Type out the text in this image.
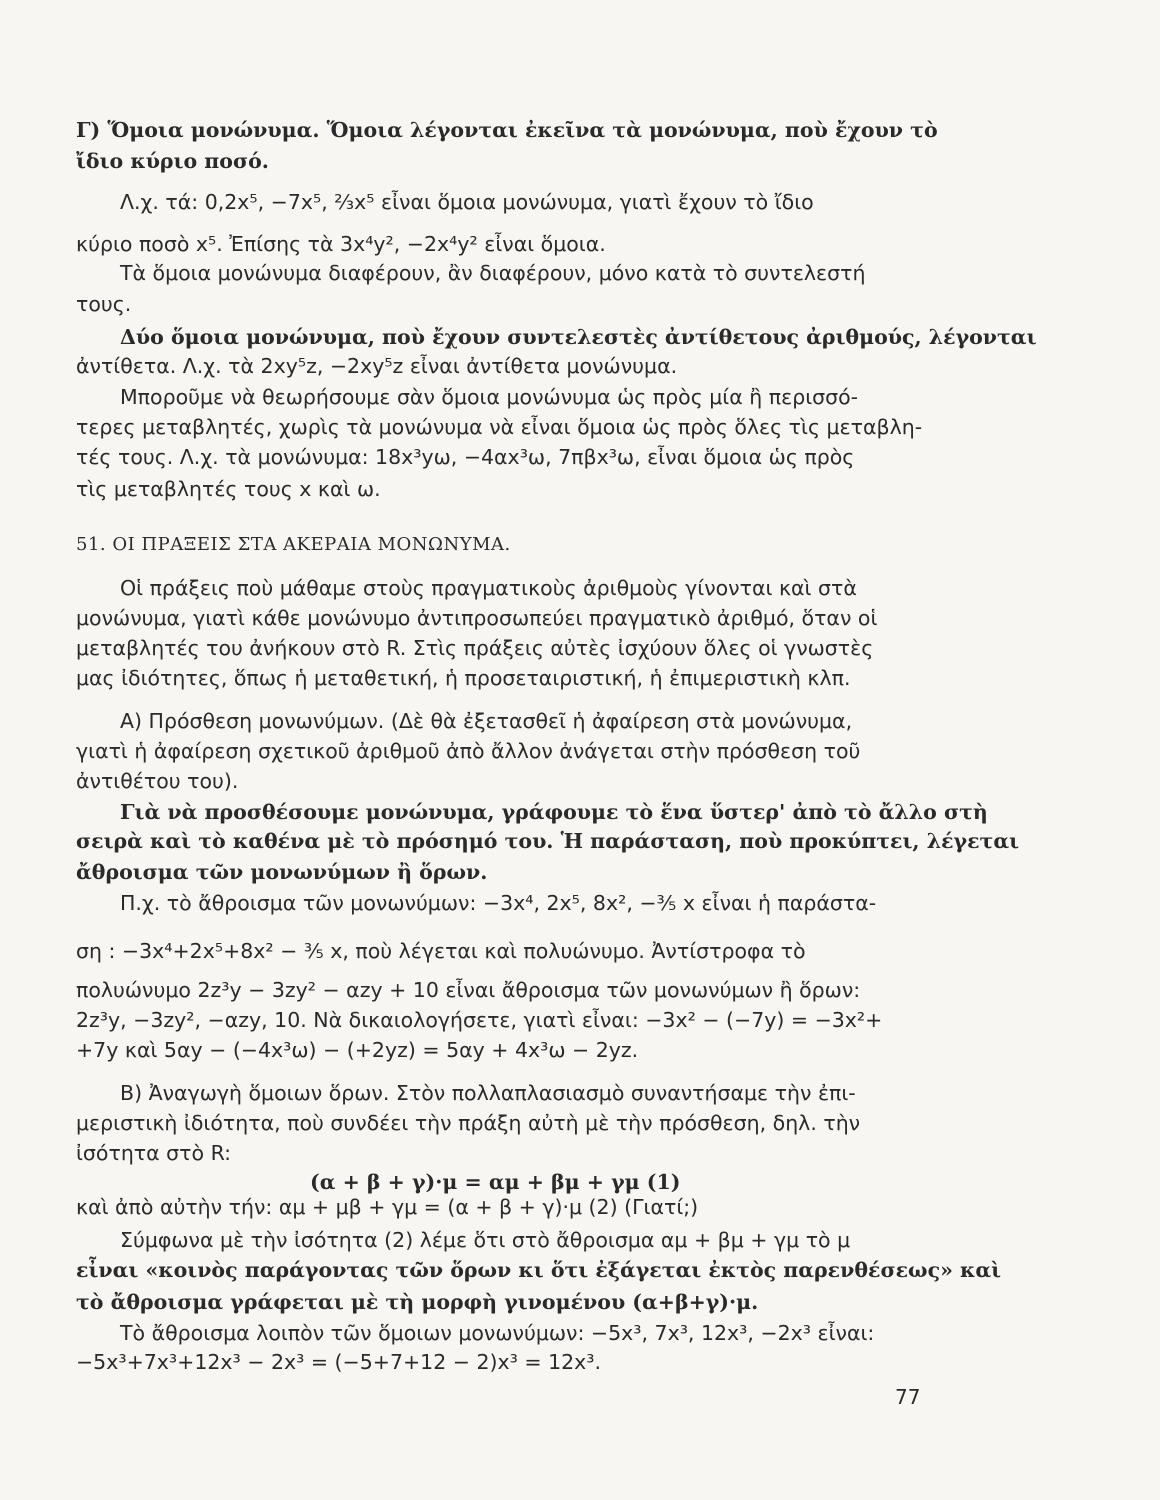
77
Γ) Ὅμοια μονώνυμα. Ὅμοια λέγονται ἐκεῖνα τὰ μονώνυμα, ποὺ ἔχουν τὸ
ἴδιο κύριο ποσό.
Λ.χ. τά: 0,2x⁵, −7x⁵, ²⁄₃x⁵ εἶναι ὅμοια μονώνυμα, γιατὶ ἔχουν τὸ ἴδιο
κύριο ποσὸ x⁵. Ἐπίσης τὰ 3x⁴y², −2x⁴y² εἶναι ὅμοια.
Τὰ ὅμοια μονώνυμα διαφέρουν, ἂν διαφέρουν, μόνο κατὰ τὸ συντελεστή
τους.
Δύο ὅμοια μονώνυμα, ποὺ ἔχουν συντελεστὲς ἀντίθετους ἀριθμούς, λέγονται
ἀντίθετα. Λ.χ. τὰ 2xy⁵z, −2xy⁵z εἶναι ἀντίθετα μονώνυμα.
Μποροῦμε νὰ θεωρήσουμε σὰν ὅμοια μονώνυμα ὡς πρὸς μία ἢ περισσό-
τερες μεταβλητές, χωρὶς τὰ μονώνυμα νὰ εἶναι ὅμοια ὡς πρὸς ὅλες τὶς μεταβλη-
τές τους. Λ.χ. τὰ μονώνυμα: 18x³yω, −4αx³ω, 7πβx³ω, εἶναι ὅμοια ὡς πρὸς
τὶς μεταβλητές τους x καὶ ω.
51. ΟΙ ΠΡΑΞΕΙΣ ΣΤΑ ΑΚΕΡΑΙΑ ΜΟΝΩΝΥΜΑ.
Οἱ πράξεις ποὺ μάθαμε στοὺς πραγματικοὺς ἀριθμοὺς γίνονται καὶ στὰ
μονώνυμα, γιατὶ κάθε μονώνυμο ἀντιπροσωπεύει πραγματικὸ ἀριθμό, ὅταν οἱ
μεταβλητές του ἀνήκουν στὸ R. Στὶς πράξεις αὐτὲς ἰσχύουν ὅλες οἱ γνωστὲς
μας ἰδιότητες, ὅπως ἡ μεταθετική, ἡ προσεταιριστική, ἡ ἐπιμεριστικὴ κλπ.
Α) Πρόσθεση μονωνύμων. (Δὲ θὰ ἐξετασθεῖ ἡ ἀφαίρεση στὰ μονώνυμα,
γιατὶ ἡ ἀφαίρεση σχετικοῦ ἀριθμοῦ ἀπὸ ἄλλον ἀνάγεται στὴν πρόσθεση τοῦ
ἀντιθέτου του).
Γιὰ νὰ προσθέσουμε μονώνυμα, γράφουμε τὸ ἕνα ὕστερ' ἀπὸ τὸ ἄλλο στὴ
σειρὰ καὶ τὸ καθένα μὲ τὸ πρόσημό του. Ἡ παράσταση, ποὺ προκύπτει, λέγεται
ἄθροισμα τῶν μονωνύμων ἢ ὅρων.
Π.χ. τὸ ἄθροισμα τῶν μονωνύμων: −3x⁴, 2x⁵, 8x², −³⁄₅ x εἶναι ἡ παράστα-
ση : −3x⁴+2x⁵+8x² − ³⁄₅ x, ποὺ λέγεται καὶ πολυώνυμο. Ἀντίστροφα τὸ
πολυώνυμο 2z³y − 3zy² − αzy + 10 εἶναι ἄθροισμα τῶν μονωνύμων ἢ ὅρων:
2z³y, −3zy², −αzy, 10. Νὰ δικαιολογήσετε, γιατὶ εἶναι: −3x² − (−7y) = −3x²+
+7y καὶ 5αy − (−4x³ω) − (+2yz) = 5αy + 4x³ω − 2yz.
Β) Ἀναγωγὴ ὅμοιων ὅρων. Στὸν πολλαπλασιασμὸ συναντήσαμε τὴν ἐπι-
μεριστικὴ ἰδιότητα, ποὺ συνδέει τὴν πράξη αὐτὴ μὲ τὴν πρόσθεση, δηλ. τὴν
ἰσότητα στὸ R:
(α + β + γ)·μ = αμ + βμ + γμ (1)
καὶ ἀπὸ αὐτὴν τήν: αμ + μβ + γμ = (α + β + γ)·μ (2) (Γιατί;)
Σύμφωνα μὲ τὴν ἰσότητα (2) λέμε ὅτι στὸ ἄθροισμα αμ + βμ + γμ τὸ μ
εἶναι «κοινὸς παράγοντας τῶν ὅρων κι ὅτι ἐξάγεται ἐκτὸς παρενθέσεως» καὶ
τὸ ἄθροισμα γράφεται μὲ τὴ μορφὴ γινομένου (α+β+γ)·μ.
Τὸ ἄθροισμα λοιπὸν τῶν ὅμοιων μονωνύμων: −5x³, 7x³, 12x³, −2x³ εἶναι:
−5x³+7x³+12x³ − 2x³ = (−5+7+12 − 2)x³ = 12x³.
